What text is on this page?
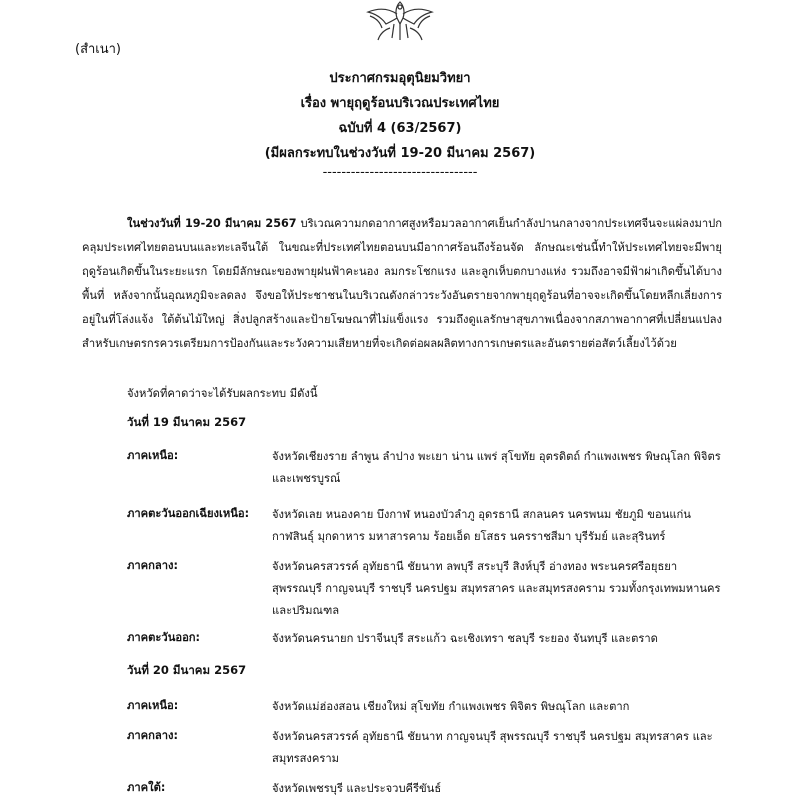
(สำเนา)
ประกาศกรมอุตุนิยมวิทยา
เรื่อง พายุฤดูร้อนบริเวณประเทศไทย
ฉบับที่ 4 (63/2567)
(มีผลกระทบในช่วงวันที่ 19-20 มีนาคม 2567)
---------------------------------
ในช่วงวันที่ 19-20 มีนาคม 2567 บริเวณความกดอากาศสูงหรือมวลอากาศเย็นกำลังปานกลางจากประเทศจีนจะแผ่ลงมาปกคลุมประเทศไทยตอนบนและทะเลจีนใต้ ในขณะที่ประเทศไทยตอนบนมีอากาศร้อนถึงร้อนจัด ลักษณะเช่นนี้ทำให้ประเทศไทยจะมีพายุฤดูร้อนเกิดขึ้นในระยะแรก โดยมีลักษณะของพายุฝนฟ้าคะนอง ลมกระโชกแรง และลูกเห็บตกบางแห่ง รวมถึงอาจมีฟ้าผ่าเกิดขึ้นได้บางพื้นที่ หลังจากนั้นอุณหภูมิจะลดลง จึงขอให้ประชาชนในบริเวณดังกล่าวระวังอันตรายจากพายุฤดูร้อนที่อาจจะเกิดขึ้นโดยหลีกเลี่ยงการอยู่ในที่โล่งแจ้ง ใต้ต้นไม้ใหญ่ สิ่งปลูกสร้างและป้ายโฆษณาที่ไม่แข็งแรง รวมถึงดูแลรักษาสุขภาพเนื่องจากสภาพอากาศที่เปลี่ยนแปลง สำหรับเกษตรกรควรเตรียมการป้องกันและระวังความเสียหายที่จะเกิดต่อผลผลิตทางการเกษตรและอันตรายต่อสัตว์เลี้ยงไว้ด้วย
จังหวัดที่คาดว่าจะได้รับผลกระทบ มีดังนี้
วันที่ 19 มีนาคม 2567
ภาคเหนือ:	จังหวัดเชียงราย ลำพูน ลำปาง พะเยา น่าน แพร่ สุโขทัย อุตรดิตถ์ กำแพงเพชร พิษณุโลก พิจิตร และเพชรบูรณ์
ภาคตะวันออกเฉียงเหนือ:	จังหวัดเลย หนองคาย บึงกาฬ หนองบัวลำภู อุดรธานี สกลนคร นครพนม ชัยภูมิ ขอนแก่น กาฬสินธุ์ มุกดาหาร มหาสารคาม ร้อยเอ็ด ยโสธร นครราชสีมา บุรีรัมย์ และสุรินทร์
ภาคกลาง:	จังหวัดนครสวรรค์ อุทัยธานี ชัยนาท ลพบุรี สระบุรี สิงห์บุรี อ่างทอง พระนครศรีอยุธยา สุพรรณบุรี กาญจนบุรี ราชบุรี นครปฐม สมุทรสาคร และสมุทรสงคราม รวมทั้งกรุงเทพมหานครและปริมณฑล
ภาคตะวันออก:	จังหวัดนครนายก ปราจีนบุรี สระแก้ว ฉะเชิงเทรา ชลบุรี ระยอง จันทบุรี และตราด
วันที่ 20 มีนาคม 2567
ภาคเหนือ:	จังหวัดแม่ฮ่องสอน เชียงใหม่ สุโขทัย กำแพงเพชร พิจิตร พิษณุโลก และตาก
ภาคกลาง:	จังหวัดนครสวรรค์ อุทัยธานี ชัยนาท กาญจนบุรี สุพรรณบุรี ราชบุรี นครปฐม สมุทรสาคร และสมุทรสงคราม
ภาคใต้:	จังหวัดเพชรบุรี และประจวบคีรีขันธ์
